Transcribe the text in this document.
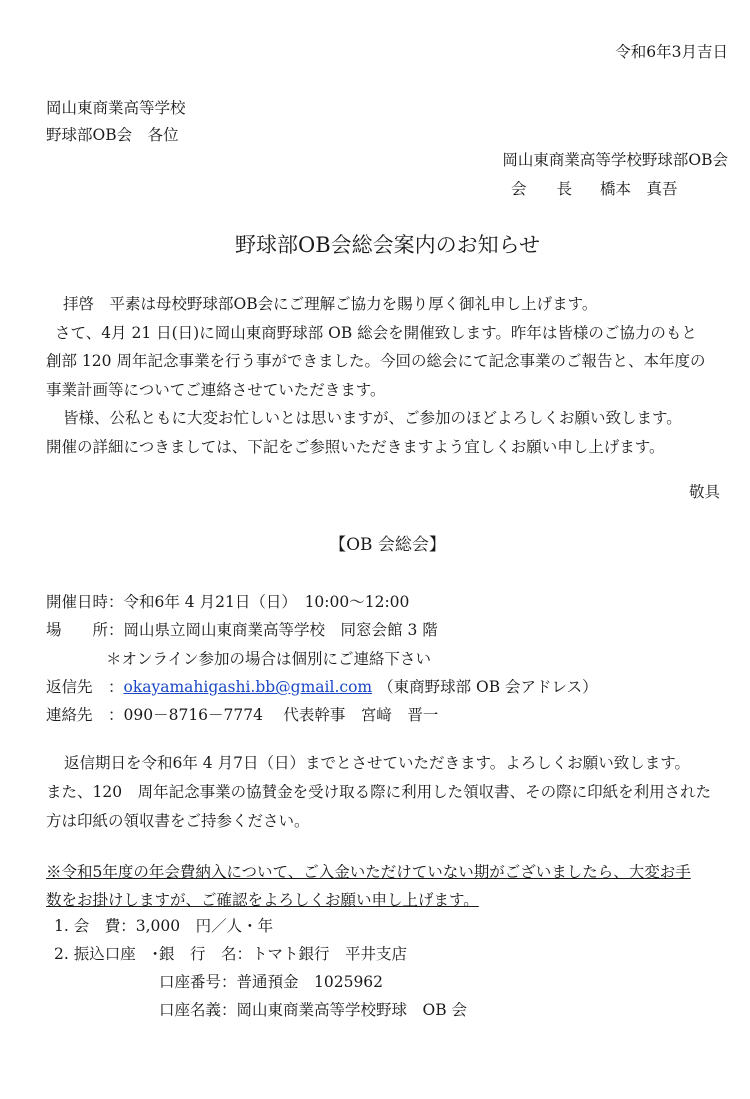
令和6年3月吉日
岡山東商業高等学校
野球部OB会　各位
岡山東商業高等学校野球部OB会
会 長 橋本　真吾
野球部OB会総会案内のお知らせ

拝啓　平素は母校野球部OB会にご理解ご協力を賜り厚く御礼申し上げます。

さて、4月 21 日(日)に岡山東商野球部 OB 総会を開催致します。昨年は皆様のご協力のもと

創部 120 周年記念事業を行う事ができました。今回の総会にて記念事業のご報告と、本年度の

事業計画等についてご連絡させていただきます。

皆様、公私ともに大変お忙しいとは思いますが、ご参加のほどよろしくお願い致します。

開催の詳細につきましては、下記をご参照いただきますよう宜しくお願い申し上げます。

敬具
【OB 会総会】
開催日時：令和6年 4 月21日（日）　10:00～12:00
場　　所：岡山県立岡山東商業高等学校　同窓会館 3 階
＊オンライン参加の場合は個別にご連絡下さい
返信先　：okayamahigashi.bb@gmail.com （東商野球部 OB 会アドレス）
連絡先　：090－8716－7774　 代表幹事　宮﨑　晋一
返信期日を令和6年 4 月7日（日）までとさせていただきます。よろしくお願い致します。
また、120　周年記念事業の協賛金を受け取る際に利用した領収書、その際に印紙を利用された
方は印紙の領収書をご持参ください。
※令和5年度の年会費納入について、ご入金いただけていない期がございましたら、大変お手
数をお掛けしますが、ご確認をよろしくお願い申し上げます。
1. 会　費：3,000　円／人・年
2. 振込口座　･銀　行　名：トマト銀行　平井支店
口座番号：普通預金　1025962
口座名義：岡山東商業高等学校野球　OB 会
